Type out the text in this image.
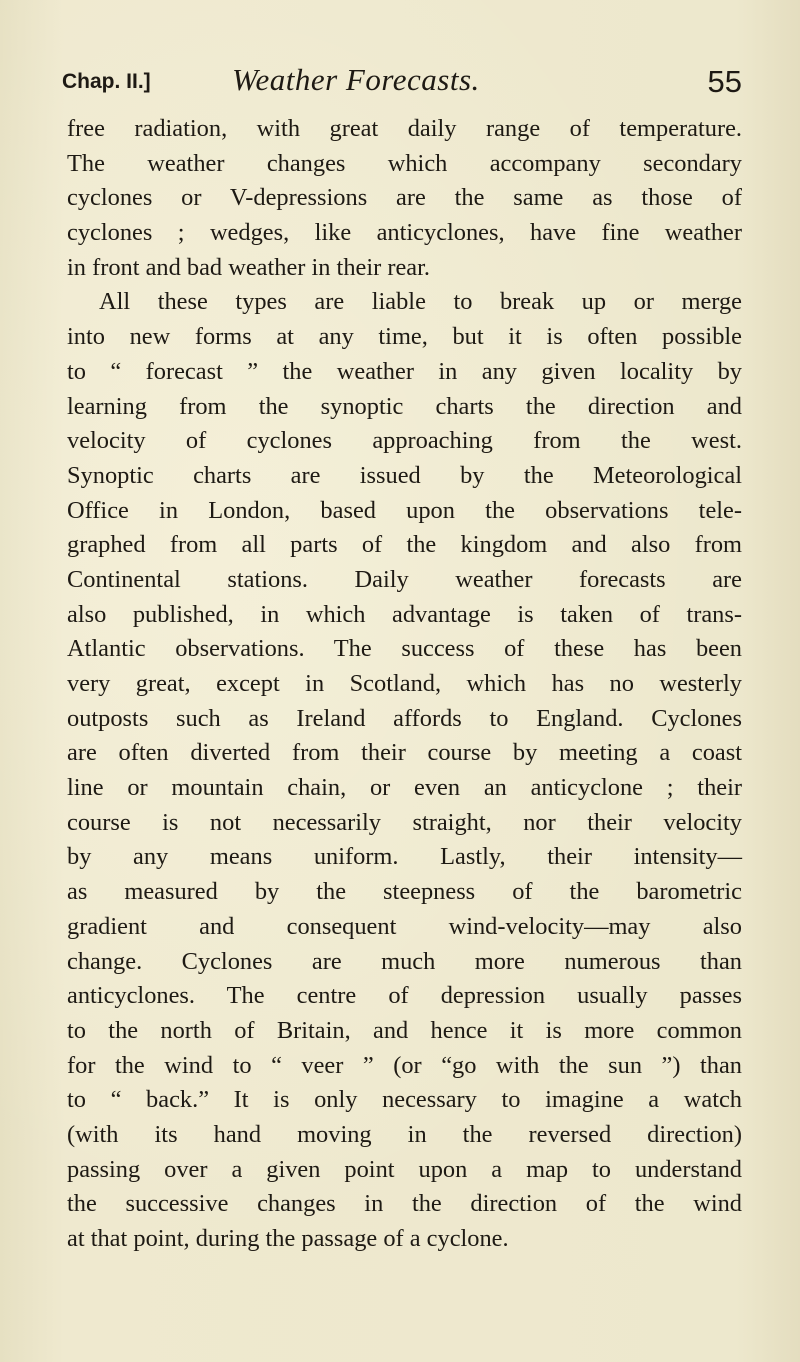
Chap. II.]	Weather Forecasts.	55
free radiation, with great daily range of temperature.
The weather changes which accompany secondary
cyclones or V-depressions are the same as those of
cyclones ; wedges, like anticyclones, have fine weather
in front and bad weather in their rear.
All these types are liable to break up or merge
into new forms at any time, but it is often possible
to “ forecast ” the weather in any given locality by
learning from the synoptic charts the direction and
velocity of cyclones approaching from the west.
Synoptic charts are issued by the Meteorological
Office in London, based upon the observations tele-
graphed from all parts of the kingdom and also from
Continental stations. Daily weather forecasts are
also published, in which advantage is taken of trans-
Atlantic observations. The success of these has been
very great, except in Scotland, which has no westerly
outposts such as Ireland affords to England. Cyclones
are often diverted from their course by meeting a coast
line or mountain chain, or even an anticyclone ; their
course is not necessarily straight, nor their velocity
by any means uniform. Lastly, their intensity—
as measured by the steepness of the barometric
gradient and consequent wind-velocity—may also
change. Cyclones are much more numerous than
anticyclones. The centre of depression usually passes
to the north of Britain, and hence it is more common
for the wind to “ veer ” (or “go with the sun ”) than
to “ back.” It is only necessary to imagine a watch
(with its hand moving in the reversed direction)
passing over a given point upon a map to understand
the successive changes in the direction of the wind
at that point, during the passage of a cyclone.
